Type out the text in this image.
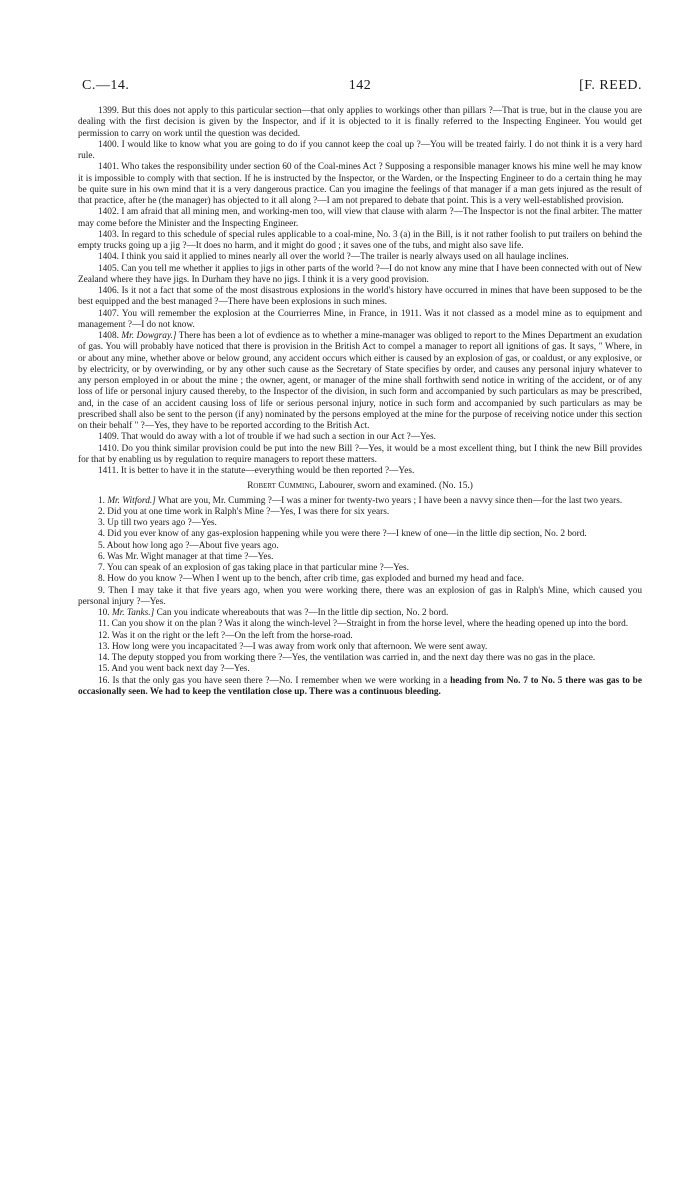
C.—14.	142	[F. REED.

1399. But this does not apply to this particular section—that only applies to workings other than pillars ?—That is true, but in the clause you are dealing with the first decision is given by the Inspector, and if it is objected to it is finally referred to the Inspecting Engineer. You would get permission to carry on work until the question was decided.

1400. I would like to know what you are going to do if you cannot keep the coal up ?—You will be treated fairly. I do not think it is a very hard rule.

1401. Who takes the responsibility under section 60 of the Coal-mines Act ? Supposing a responsible manager knows his mine well he may know it is impossible to comply with that section. If he is instructed by the Inspector, or the Warden, or the Inspecting Engineer to do a certain thing he may be quite sure in his own mind that it is a very dangerous practice. Can you imagine the feelings of that manager if a man gets injured as the result of that practice, after he (the manager) has objected to it all along ?—I am not prepared to debate that point. This is a very well-established provision.

1402. I am afraid that all mining men, and working-men too, will view that clause with alarm ?—The Inspector is not the final arbiter. The matter may come before the Minister and the Inspecting Engineer.

1403. In regard to this schedule of special rules applicable to a coal-mine, No. 3 (a) in the Bill, is it not rather foolish to put trailers on behind the empty trucks going up a jig ?—It does no harm, and it might do good ; it saves one of the tubs, and might also save life.

1404. I think you said it applied to mines nearly all over the world ?—The trailer is nearly always used on all haulage inclines.

1405. Can you tell me whether it applies to jigs in other parts of the world ?—I do not know any mine that I have been connected with out of New Zealand where they have jigs. In Durham they have no jigs. I think it is a very good provision.

1406. Is it not a fact that some of the most disastrous explosions in the world's history have occurred in mines that have been supposed to be the best equipped and the best managed ?—There have been explosions in such mines.

1407. You will remember the explosion at the Courrierres Mine, in France, in 1911. Was it not classed as a model mine as to equipment and management ?—I do not know.

1408. Mr. Dowgray.] There has been a lot of evdience as to whether a mine-manager was obliged to report to the Mines Department an exudation of gas. You will probably have noticed that there is provision in the British Act to compel a manager to report all ignitions of gas. It says, " Where, in or about any mine, whether above or below ground, any accident occurs which either is caused by an explosion of gas, or coaldust, or any explosive, or by electricity, or by overwinding, or by any other such cause as the Secretary of State specifies by order, and causes any personal injury whatever to any person employed in or about the mine ; the owner, agent, or manager of the mine shall forthwith send notice in writing of the accident, or of any loss of life or personal injury caused thereby, to the Inspector of the division, in such form and accompanied by such particulars as may be prescribed, and, in the case of an accident causing loss of life or serious personal injury, notice in such form and accompanied by such particulars as may be prescribed shall also be sent to the person (if any) nominated by the persons employed at the mine for the purpose of receiving notice under this section on their behalf " ?—Yes, they have to be reported according to the British Act.

1409. That would do away with a lot of trouble if we had such a section in our Act ?—Yes.

1410. Do you think similar provision could be put into the new Bill ?—Yes, it would be a most excellent thing, but I think the new Bill provides for that by enabling us by regulation to require managers to report these matters.

1411. It is better to have it in the statute—everything would be then reported ?—Yes.

Robert Cumming, Labourer, sworn and examined. (No. 15.)

1. Mr. Witford.] What are you, Mr. Cumming ?—I was a miner for twenty-two years ; I have been a navvy since then—for the last two years.

2. Did you at one time work in Ralph's Mine ?—Yes, I was there for six years.

3. Up till two years ago ?—Yes.

4. Did you ever know of any gas-explosion happening while you were there ?—I knew of one—in the little dip section, No. 2 bord.

5. About how long ago ?—About five years ago.

6. Was Mr. Wight manager at that time ?—Yes.

7. You can speak of an explosion of gas taking place in that particular mine ?—Yes.

8. How do you know ?—When I went up to the bench, after crib time, gas exploded and burned my head and face.

9. Then I may take it that five years ago, when you were working there, there was an explosion of gas in Ralph's Mine, which caused you personal injury ?—Yes.

10. Mr. Tanks.] Can you indicate whereabouts that was ?—In the little dip section, No. 2 bord.

11. Can you show it on the plan ? Was it along the winch-level ?—Straight in from the horse level, where the heading opened up into the bord.

12. Was it on the right or the left ?—On the left from the horse-road.

13. How long were you incapacitated ?—I was away from work only that afternoon. We were sent away.

14. The deputy stopped you from working there ?—Yes, the ventilation was carried in, and the next day there was no gas in the place.

15. And you went back next day ?—Yes.

16. Is that the only gas you have seen there ?—No. I remember when we were working in a heading from No. 7 to No. 5 there was gas to be occasionally seen. We had to keep the ventilation close up. There was a continuous bleeding.
